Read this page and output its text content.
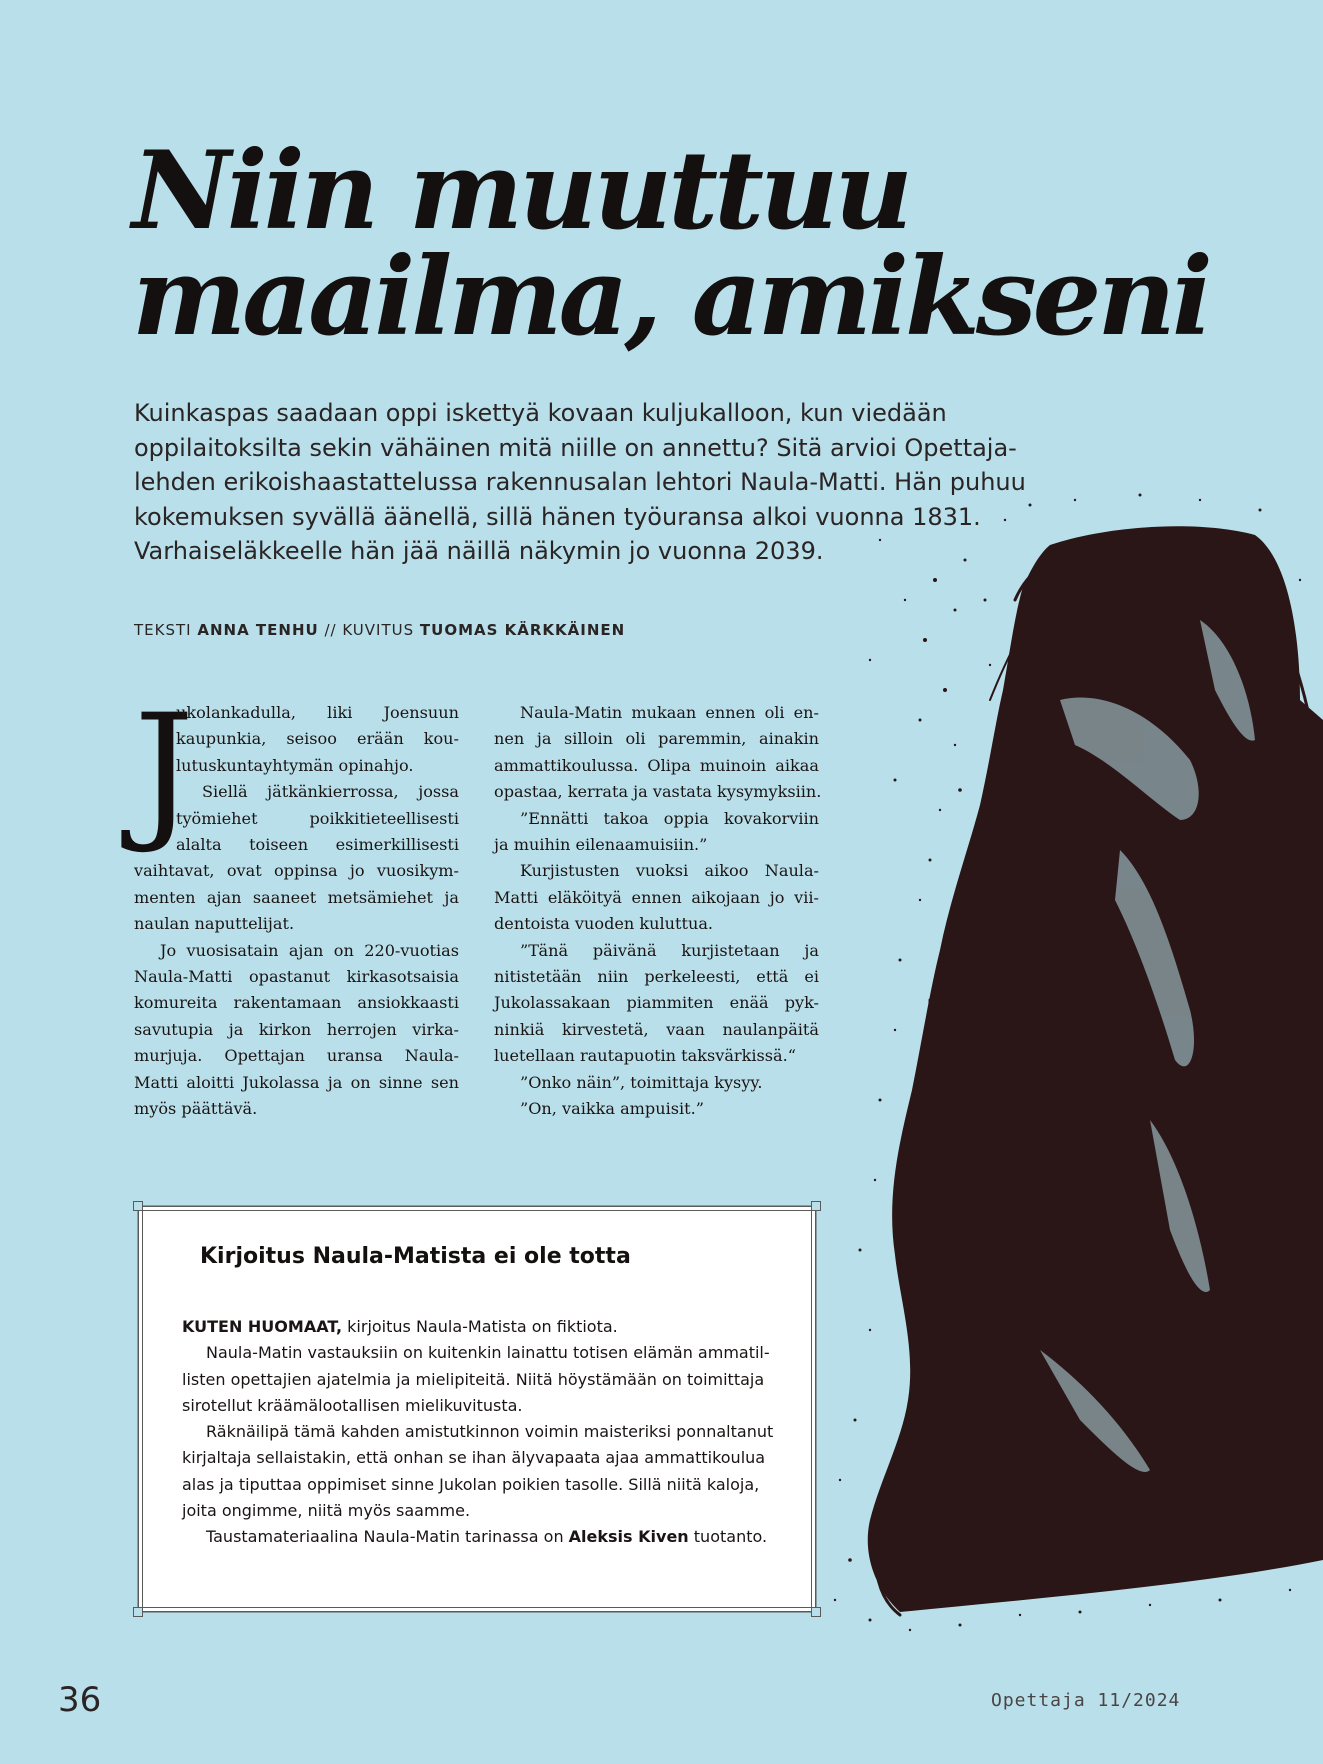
Niin muuttuu
maailma, amikseni

Kuinkaspas saadaan oppi iskettyä kovaan kuljukalloon, kun viedään
oppilaitoksilta sekin vähäinen mitä niille on annettu? Sitä arvioi Opettaja-
lehden erikoishaastattelussa rakennusalan lehtori Naula-Matti. Hän puhuu
kokemuksen syvällä äänellä, sillä hänen työuransa alkoi vuonna 1831.
Varhaiseläkkeelle hän jää näillä näkymin jo vuonna 2039.

TEKSTI ANNA TENHU // KUVITUS TUOMAS KÄRKKÄINEN
J
ukolankadulla, liki Joensuun
kaupunkia, seisoo erään kou-
lutuskuntayhtymän opinahjo.
Siellä jätkänkierrossa, jossa
työmiehet poikkitieteellisesti
alalta toiseen esimerkillisesti
vaihtavat, ovat oppinsa jo vuosikym-
menten ajan saaneet metsämiehet ja
naulan naputtelijat.
Jo vuosisatain ajan on 220-vuotias
Naula-Matti opastanut kirkasotsaisia
komureita rakentamaan ansiokkaasti
savutupia ja kirkon herrojen virka-
murjuja. Opettajan uransa Naula-
Matti aloitti Jukolassa ja on sinne sen
myös päättävä.
Naula-Matin mukaan ennen oli en-
nen ja silloin oli paremmin, ainakin
ammattikoulussa. Olipa muinoin aikaa
opastaa, kerrata ja vastata kysymyksiin.
”Ennätti takoa oppia kovakorviin
ja muihin eilenaamuisiin.”
Kurjistusten vuoksi aikoo Naula-
Matti eläköityä ennen aikojaan jo vii-
dentoista vuoden kuluttua.
”Tänä päivänä kurjistetaan ja
nitistetään niin perkeleesti, että ei
Jukolassakaan piammiten enää pyk-
ninkiä kirvestetä, vaan naulanpäitä
luetellaan rautapuotin taksvärkissä.“
”Onko näin”, toimittaja kysyy.
”On, vaikka ampuisit.”
Kirjoitus Naula-Matista ei ole totta
KUTEN HUOMAAT, kirjoitus Naula-Matista on fiktiota.
Naula-Matin vastauksiin on kuitenkin lainattu totisen elämän ammatil-
listen opettajien ajatelmia ja mielipiteitä. Niitä höystämään on toimittaja
sirotellut kräämälootallisen mielikuvitusta.
Räknäilipä tämä kahden amistutkinnon voimin maisteriksi ponnaltanut
kirjaltaja sellaistakin, että onhan se ihan älyvapaata ajaa ammattikoulua
alas ja tiputtaa oppimiset sinne Jukolan poikien tasolle. Sillä niitä kaloja,
joita ongimme, niitä myös saamme.
Taustamateriaalina Naula-Matin tarinassa on Aleksis Kiven tuotanto.
36	Opettaja 11/2024
